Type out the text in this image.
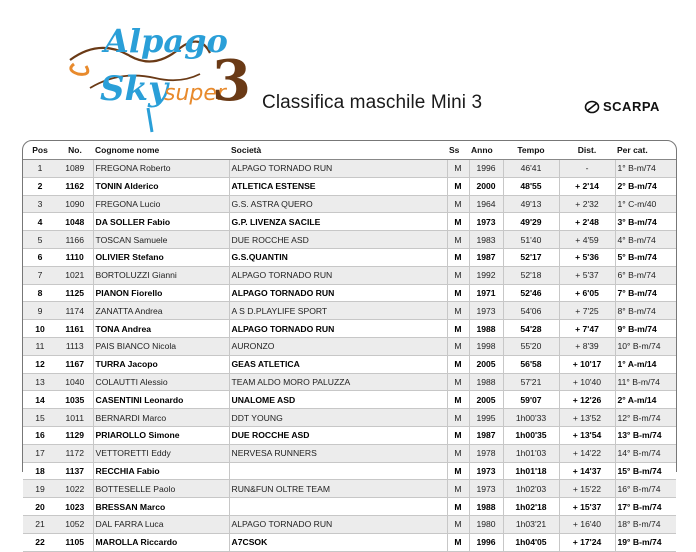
Alpago
Sky
super
3 Classifica maschile Mini 3	SCARPA
Pos	No.	Cognome nome	Società	Ss	Anno	Tempo	Dist.	Per cat.
1	1089	FREGONA Roberto	ALPAGO TORNADO RUN	M	1996	46'41	-	1° B-m/74
2	1162	TONIN Alderico	ATLETICA ESTENSE	M	2000	48'55	+ 2'14	2° B-m/74
3	1090	FREGONA Lucio	G.S. ASTRA QUERO	M	1964	49'13	+ 2'32	1° C-m/40
4	1048	DA SOLLER Fabio	G.P. LIVENZA SACILE	M	1973	49'29	+ 2'48	3° B-m/74
5	1166	TOSCAN Samuele	DUE ROCCHE ASD	M	1983	51'40	+ 4'59	4° B-m/74
6	1110	OLIVIER Stefano	G.S.QUANTIN	M	1987	52'17	+ 5'36	5° B-m/74
7	1021	BORTOLUZZI Gianni	ALPAGO TORNADO RUN	M	1992	52'18	+ 5'37	6° B-m/74
8	1125	PIANON Fiorello	ALPAGO TORNADO RUN	M	1971	52'46	+ 6'05	7° B-m/74
9	1174	ZANATTA Andrea	A S D.PLAYLIFE SPORT	M	1973	54'06	+ 7'25	8° B-m/74
10	1161	TONA Andrea	ALPAGO TORNADO RUN	M	1988	54'28	+ 7'47	9° B-m/74
11	1113	PAIS BIANCO Nicola	AURONZO	M	1998	55'20	+ 8'39	10° B-m/74
12	1167	TURRA Jacopo	GEAS ATLETICA	M	2005	56'58	+ 10'17	1° A-m/14
13	1040	COLAUTTI Alessio	TEAM ALDO MORO PALUZZA	M	1988	57'21	+ 10'40	11° B-m/74
14	1035	CASENTINI Leonardo	UNALOME ASD	M	2005	59'07	+ 12'26	2° A-m/14
15	1011	BERNARDI Marco	DDT YOUNG	M	1995	1h00'33	+ 13'52	12° B-m/74
16	1129	PRIAROLLO Simone	DUE ROCCHE ASD	M	1987	1h00'35	+ 13'54	13° B-m/74
17	1172	VETTORETTI Eddy	NERVESA RUNNERS	M	1978	1h01'03	+ 14'22	14° B-m/74
18	1137	RECCHIA Fabio		M	1973	1h01'18	+ 14'37	15° B-m/74
19	1022	BOTTESELLE Paolo	RUN&FUN OLTRE TEAM	M	1973	1h02'03	+ 15'22	16° B-m/74
20	1023	BRESSAN Marco		M	1988	1h02'18	+ 15'37	17° B-m/74
21	1052	DAL FARRA Luca	ALPAGO TORNADO RUN	M	1980	1h03'21	+ 16'40	18° B-m/74
22	1105	MAROLLA Riccardo	A7CSOK	M	1996	1h04'05	+ 17'24	19° B-m/74
